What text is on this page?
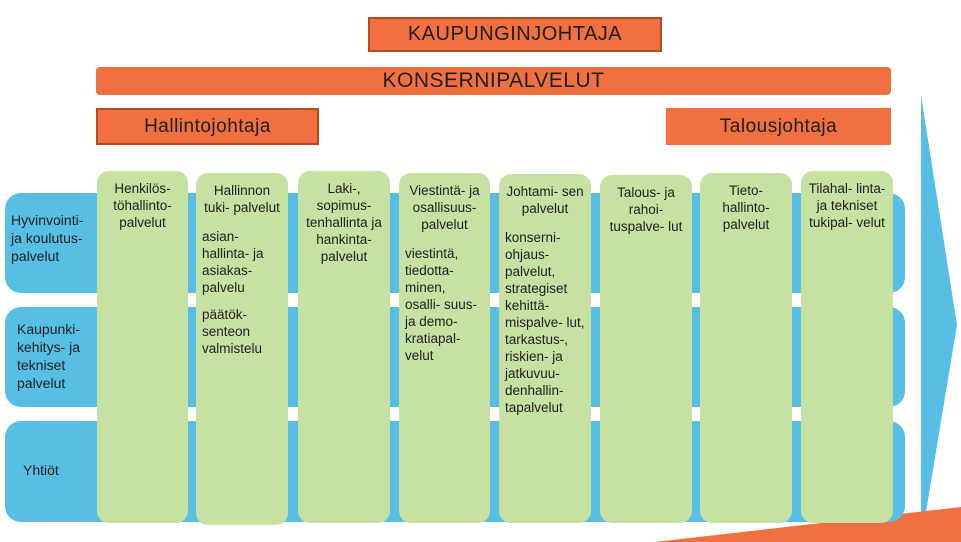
Hyvinvointi- ja koulutus- palvelut
Kaupunki- kehitys- ja tekniset palvelut
Yhtiöt
KAUPUNGINJOHTAJA
KONSERNIPALVELUT
Hallintojohtaja	Talousjohtaja
Henkilös- töhallinto- palvelut
Hallinnon tuki- palvelut
asian- hallinta- ja asiakas- palvelu
päätök- senteon valmistelu
Laki-, sopimus- tenhallinta ja hankinta- palvelut
Viestintä- ja osallisuus- palvelut
viestintä, tiedotta- minen, osalli- suus- ja demo- kratiapal- velut
Johtami- sen palvelut
konserni- ohjaus- palvelut, strategiset kehittä- mispalve- lut, tarkastus-, riskien- ja jatkuvuu- denhallin- tapalvelut
Talous- ja rahoi- tuspalve- lut
Tieto- hallinto- palvelut
Tilahal- linta- ja tekniset tukipal- velut
